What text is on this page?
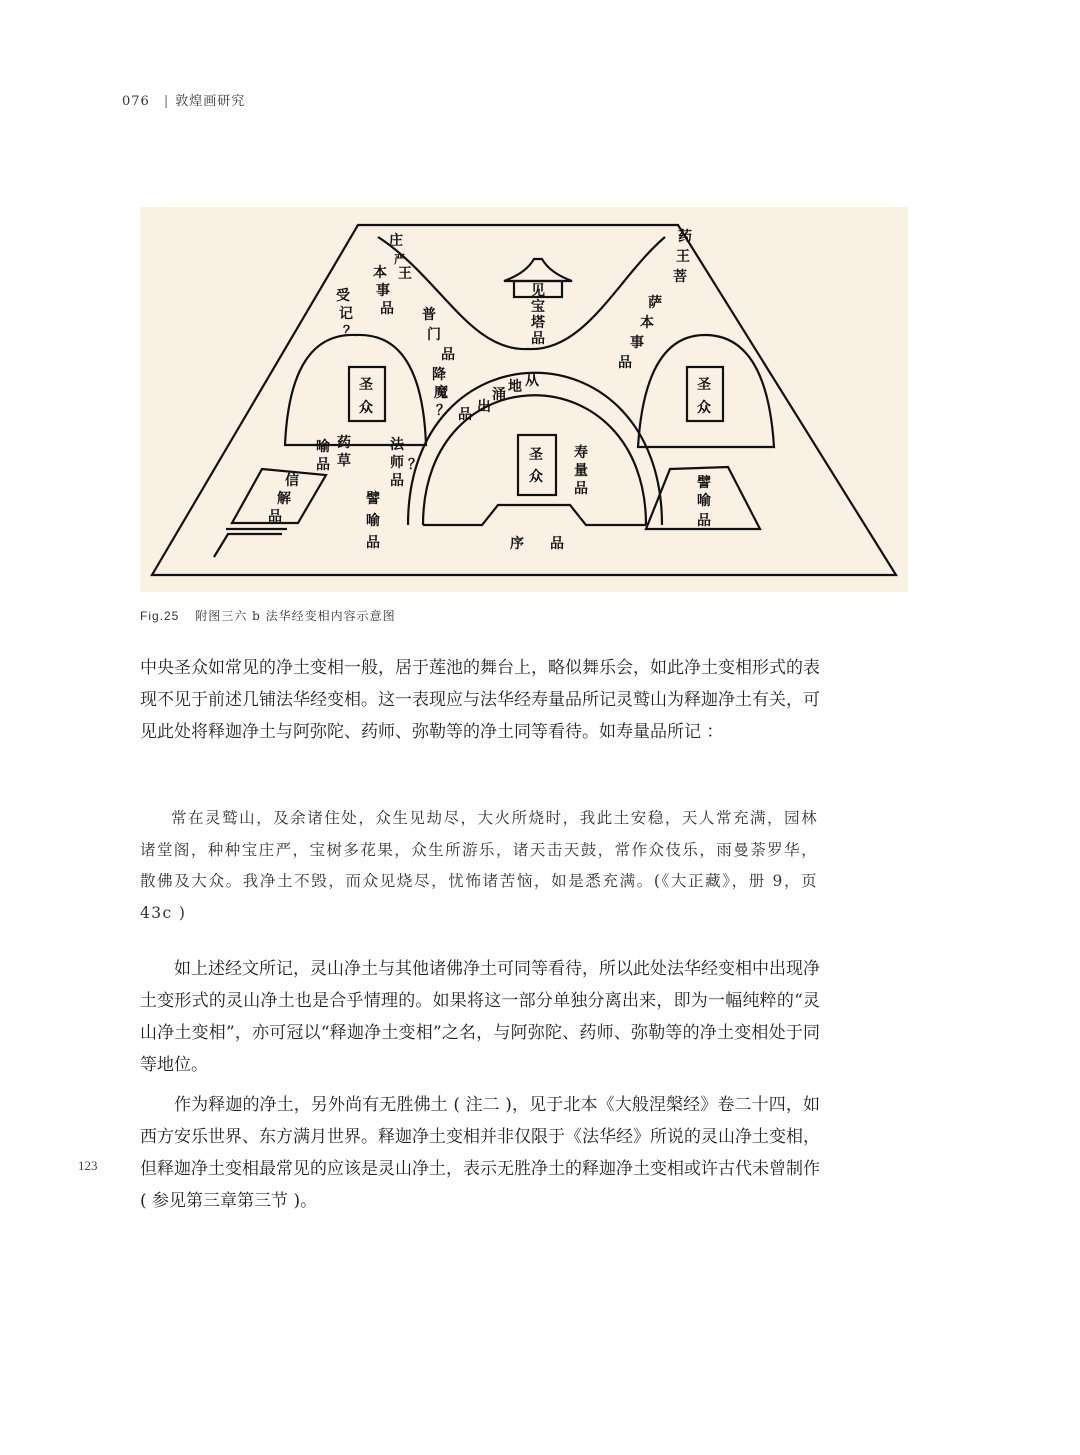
076 | 敦煌画研究
庄严王
本事品
受记？
普门品
见宝塔品
药王菩
萨本事品
圣众
圣众
圣众
降魔？ 品 出涌 地 从
药草
喻品
法师品
？
寿量品
信解品
譬喻品
譬喻品
序 品
Fig.25 附图三六 b 法华经变相内容示意图

中央圣众如常见的净土变相一般，居于莲池的舞台上，略似舞乐会，如此净土变相形式的表现不见于前述几铺法华经变相。这一表现应与法华经寿量品所记灵鹫山为释迦净土有关，可见此处将释迦净土与阿弥陀、药师、弥勒等的净土同等看待。如寿量品所记 ：

常在灵鹫山，及余诸住处，众生见劫尽，大火所烧时，我此土安稳，天人常充满，园林诸堂阁，种种宝庄严，宝树多花果，众生所游乐，诸天击天鼓，常作众伎乐，雨曼荼罗华，散佛及大众。我净土不毁，而众见烧尽，忧怖诸苦恼，如是悉充满。(《大正藏》，册 9，页 43c )

如上述经文所记，灵山净土与其他诸佛净土可同等看待，所以此处法华经变相中出现净土变形式的灵山净土也是合乎情理的。如果将这一部分单独分离出来，即为一幅纯粹的“灵山净土变相”，亦可冠以“释迦净土变相”之名，与阿弥陀、药师、弥勒等的净土变相处于同等地位。

作为释迦的净土，另外尚有无胜佛土 ( 注二 )，见于北本《大般涅槃经》卷二十四，如西方安乐世界、东方满月世界。释迦净土变相并非仅限于《法华经》所说的灵山净土变相，但释迦净土变相最常见的应该是灵山净土，表示无胜净土的释迦净土变相或许古代未曾制作 ( 参见第三章第三节 )。

123
